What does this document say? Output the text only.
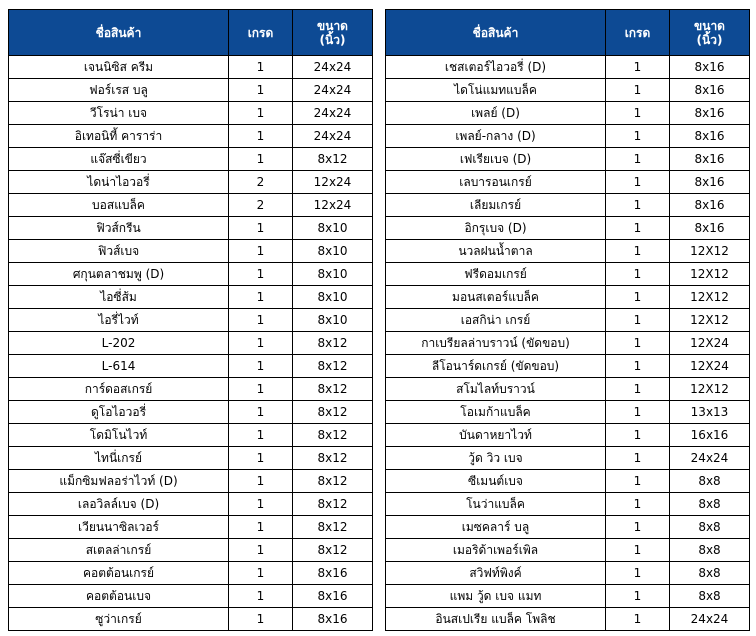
ชื่อสินค้า	เกรด	ขนาด
(นิ้ว)
เจนนิซิส ครีม	1	24x24
ฟอร์เรส บลู	1	24x24
วีโรน่า เบจ	1	24x24
อิเทอนิที้ คาราร่า	1	24x24
แจ๊สซี่เขียว	1	8x12
ไดน่าไอวอรี่	2	12x24
บอสแบล็ค	2	12x24
ฟิวส์กรีน	1	8x10
ฟิวส์เบจ	1	8x10
ศกุนตลาชมพู (D)	1	8x10
ไอซี่ส้ม	1	8x10
ไอรี่ไวท์	1	8x10
L-202	1	8x12
L-614	1	8x12
การ์ดอสเกรย์	1	8x12
ดูโอไอวอรี่	1	8x12
โดมิโนไวท์	1	8x12
ไทนี่เกรย์	1	8x12
แม็กซิมฟลอร่าไวท์ (D)	1	8x12
เลอวิลล์เบจ (D)	1	8x12
เวียนนาซิลเวอร์	1	8x12
สเตลล่าเกรย์	1	8x12
คอตต้อนเกรย์	1	8x16
คอตต้อนเบจ	1	8x16
ซูว่าเกรย์	1	8x16
ชื่อสินค้า	เกรด	ขนาด
(นิ้ว)
เชสเตอร์ไอวอรี่ (D)	1	8x16
ไดโน่แมทแบล็ค	1	8x16
เพลย์ (D)	1	8x16
เพลย์-กลาง (D)	1	8x16
เฟเรียเบจ (D)	1	8x16
เลบารอนเกรย์	1	8x16
เลียมเกรย์	1	8x16
อิกรุเบจ (D)	1	8x16
นวลฝนน้ำตาล	1	12X12
ฟรีดอมเกรย์	1	12X12
มอนสเตอร์แบล็ค	1	12X12
เอสกิน่า เกรย์	1	12X12
กาเบรียลล่าบราวน์ (ขัดขอบ)	1	12X24
ลีโอนาร์ดเกรย์ (ขัดขอบ)	1	12X24
สโมไลท์บราวน์	1	12X12
โอเมก้าแบล็ค	1	13x13
บันดาหยาไวท์	1	16x16
วู้ด วิว เบจ	1	24x24
ซีเมนต์เบจ	1	8x8
โนว่าแบล็ค	1	8x8
เมซคลาร์ บลู	1	8x8
เมอริด้าเพอร์เพิล	1	8x8
สวิฟท์พิงค์	1	8x8
แพม วู้ด เบจ แมท	1	8x8
อินสเปเรีย แบล็ค โพลิช	1	24x24
